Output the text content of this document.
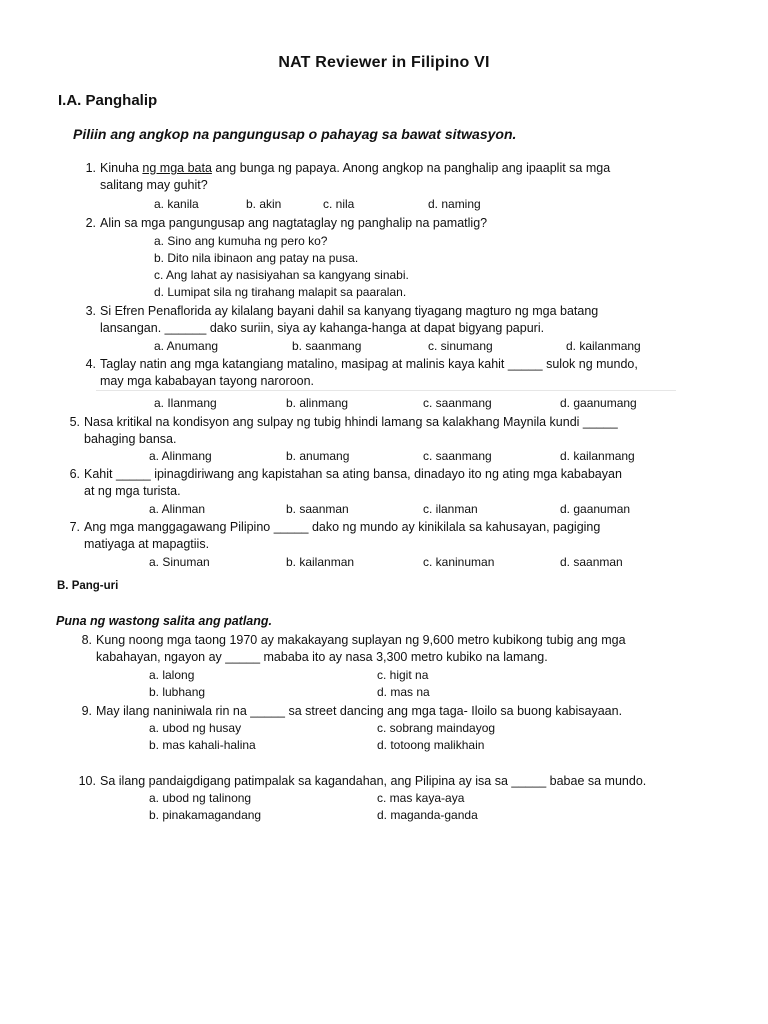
NAT Reviewer in Filipino VI
I.A. Panghalip
Piliin ang angkop na pangungusap o pahayag sa bawat sitwasyon.
1. Kinuha ng mga bata ang bunga ng papaya. Anong angkop na panghalip ang ipaaplit sa mga
salitang may guhit?
a. kanila	b. akin	c. nila	d. naming
2. Alin sa mga pangungusap ang nagtataglay ng panghalip na pamatlig?
a. Sino ang kumuha ng pero ko?
b. Dito nila ibinaon ang patay na pusa.
c. Ang lahat ay nasisiyahan sa kangyang sinabi.
d. Lumipat sila ng tirahang malapit sa paaralan.
3. Si Efren Penaflorida ay kilalang bayani dahil sa kanyang tiyagang magturo ng mga batang
lansangan. ______ dako suriin, siya ay kahanga-hanga at dapat bigyang papuri.
a. Anumang	b. saanmang	c. sinumang	d. kailanmang
4. Taglay natin ang mga katangiang matalino, masipag at malinis kaya kahit _____ sulok ng mundo,
may mga kababayan tayong naroroon.
a. Ilanmang	b. alinmang	c. saanmang	d. gaanumang
5. Nasa kritikal na kondisyon ang sulpay ng tubig hhindi lamang sa kalakhang Maynila kundi _____
bahaging bansa.
a. Alinmang	b. anumang	c. saanmang	d. kailanmang
6. Kahit _____ ipinagdiriwang ang kapistahan sa ating bansa, dinadayo ito ng ating mga kababayan
at ng mga turista.
a. Alinman	b. saanman	c. ilanman	d. gaanuman
7. Ang mga manggagawang Pilipino _____ dako ng mundo ay kinikilala sa kahusayan, pagiging
matiyaga at mapagtiis.
a. Sinuman	b. kailanman	c. kaninuman	d. saanman
B. Pang-uri
Puna ng wastong salita ang patlang.
8. Kung noong mga taong 1970 ay makakayang suplayan ng 9,600 metro kubikong tubig ang mga
kabahayan, ngayon ay _____ mababa ito ay nasa 3,300 metro kubiko na lamang.
a. lalong	c. higit na
b. lubhang	d. mas na
9. May ilang naniniwala rin na _____ sa street dancing ang mga taga- Iloilo sa buong kabisayaan.
a. ubod ng husay	c. sobrang maindayog
b. mas kahali-halina	d. totoong malikhain
10. Sa ilang pandaigdigang patimpalak sa kagandahan, ang Pilipina ay isa sa _____ babae sa mundo.
a. ubod ng talinong	c. mas kaya-aya
b. pinakamagandang	d. maganda-ganda
